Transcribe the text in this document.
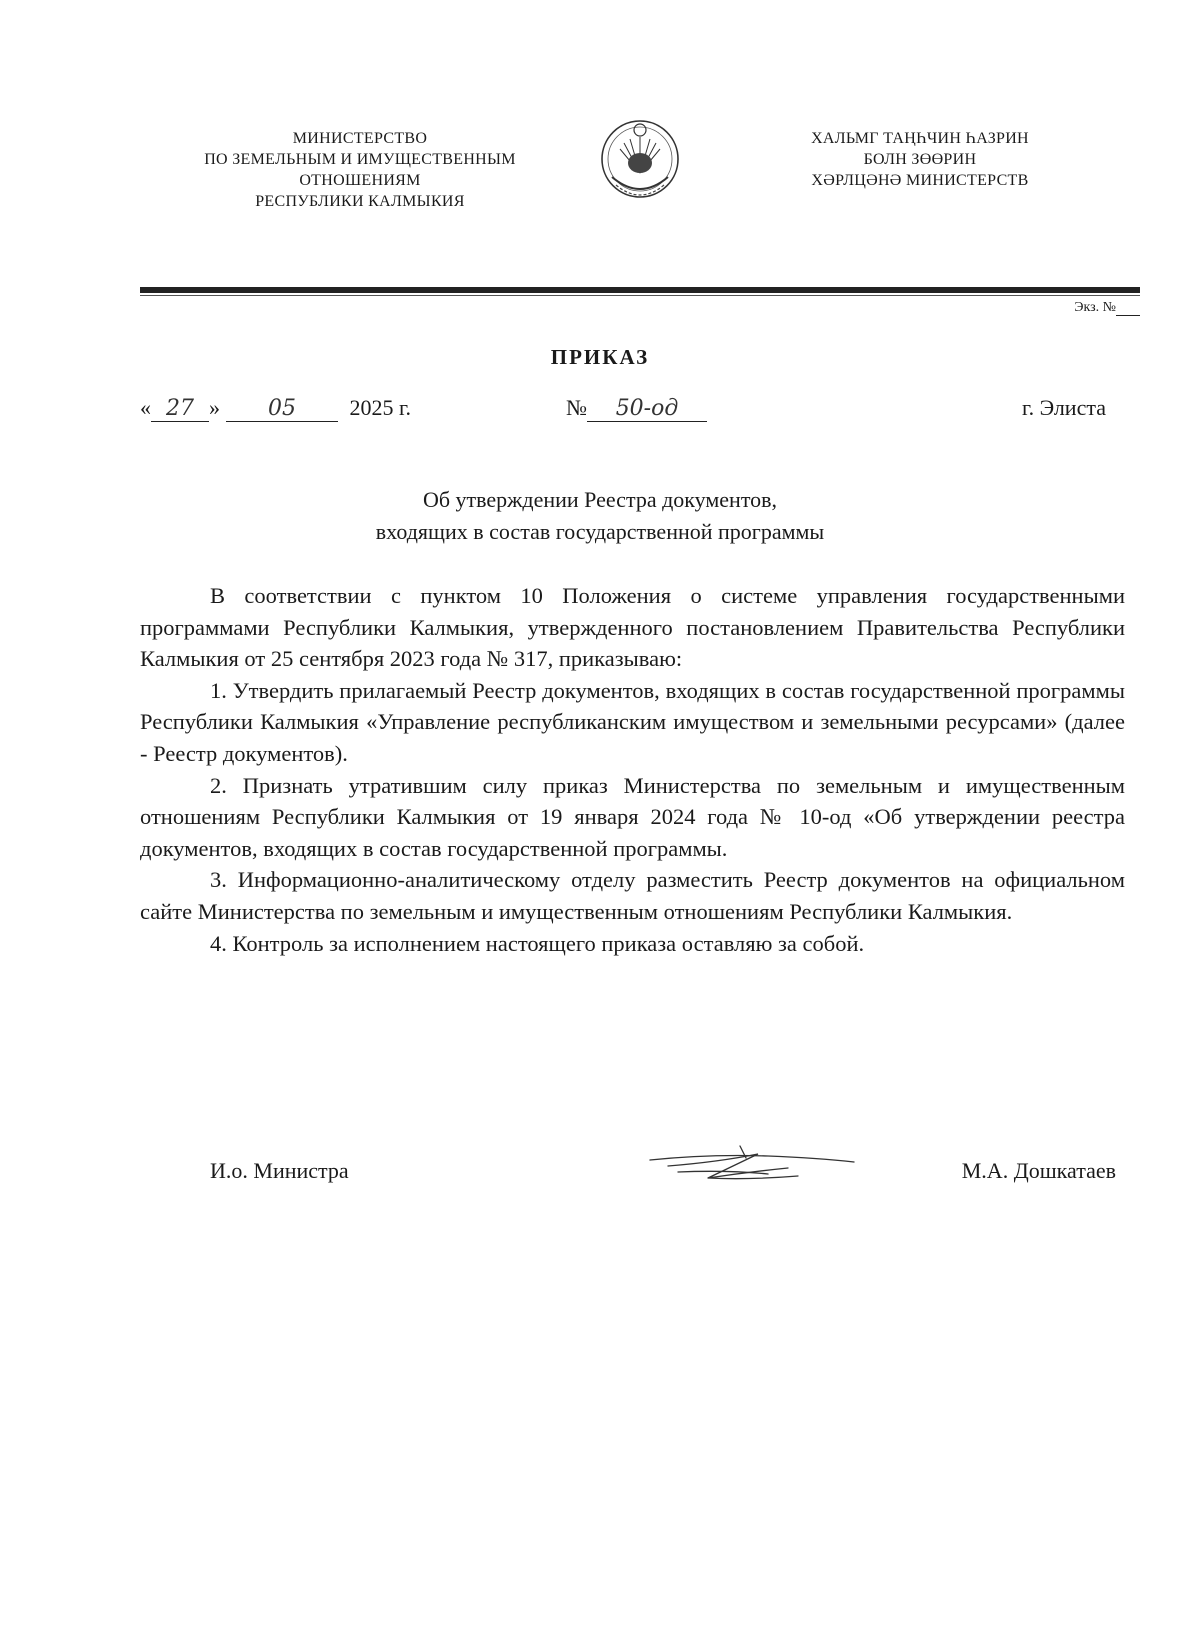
МИНИСТЕРСТВО
ПО ЗЕМЕЛЬНЫМ И ИМУЩЕСТВЕННЫМ
ОТНОШЕНИЯМ
РЕСПУБЛИКИ КАЛМЫКИЯ
ХАЛЬМГ ТАҢҺЧИН ҺАЗРИН
БОЛН ЗӨӨРИН
ХӘРЛЦӘНӘ МИНИСТЕРСТВ
Экз. №
ПРИКАЗ
« 27 » 05 2025 г.	№ 50-од	г. Элиста
Об утверждении Реестра документов,
входящих в состав государственной программы

В соответствии с пунктом 10 Положения о системе управления государственными программами Республики Калмыкия, утвержденного постановлением Правительства Республики Калмыкия от 25 сентября 2023 года № 317, приказываю:

1. Утвердить прилагаемый Реестр документов, входящих в состав государственной программы Республики Калмыкия «Управление республиканским имуществом и земельными ресурсами» (далее - Реестр документов).

2. Признать утратившим силу приказ Министерства по земельным и имущественным отношениям Республики Калмыкия от 19 января 2024 года № 10-од «Об утверждении реестра документов, входящих в состав государственной программы.

3. Информационно-аналитическому отделу разместить Реестр документов на официальном сайте Министерства по земельным и имущественным отношениям Республики Калмыкия.

4. Контроль за исполнением настоящего приказа оставляю за собой.

И.о. Министра	М.А. Дошкатаев
